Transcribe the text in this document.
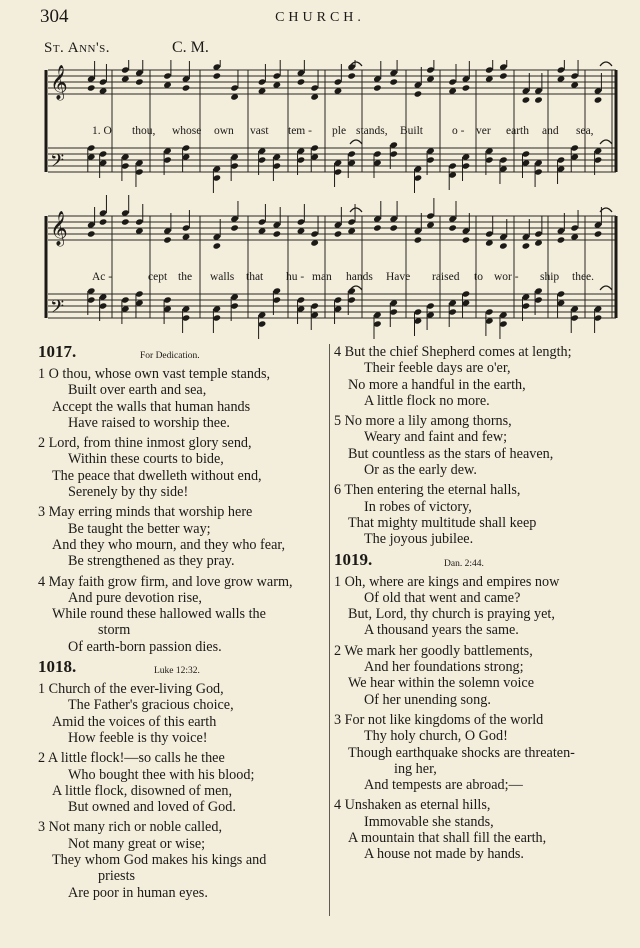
304	CHURCH.
St. Ann's.	C. M.
𝄞
𝄢
𝄞
𝄢
1. O thou, whose own vast tem - ple stands, Built	o - ver earth and sea,
Ac -	cept the walls that hu - man hands Have raised to wor - ship thee.
1017.	For Dedication.
1 O thou, whose own vast temple stands,
Built over earth and sea,
Accept the walls that human hands
Have raised to worship thee.
2 Lord, from thine inmost glory send,
Within these courts to bide,
The peace that dwelleth without end,
Serenely by thy side!
3 May erring minds that worship here
Be taught the better way;
And they who mourn, and they who fear,
Be strengthened as they pray.
4 May faith grow firm, and love grow warm,
And pure devotion rise,
While round these hallowed walls the
storm
Of earth-born passion dies.
1018.	Luke 12:32.
1 Church of the ever-living God,
The Father's gracious choice,
Amid the voices of this earth
How feeble is thy voice!
2 A little flock!—so calls he thee
Who bought thee with his blood;
A little flock, disowned of men,
But owned and loved of God.
3 Not many rich or noble called,
Not many great or wise;
They whom God makes his kings and
priests
Are poor in human eyes.
4 But the chief Shepherd comes at length;
Their feeble days are o'er,
No more a handful in the earth,
A little flock no more.
5 No more a lily among thorns,
Weary and faint and few;
But countless as the stars of heaven,
Or as the early dew.
6 Then entering the eternal halls,
In robes of victory,
That mighty multitude shall keep
The joyous jubilee.
1019.	Dan. 2:44.
1 Oh, where are kings and empires now
Of old that went and came?
But, Lord, thy church is praying yet,
A thousand years the same.
2 We mark her goodly battlements,
And her foundations strong;
We hear within the solemn voice
Of her unending song.
3 For not like kingdoms of the world
Thy holy church, O God!
Though earthquake shocks are threaten-
ing her,
And tempests are abroad;—
4 Unshaken as eternal hills,
Immovable she stands,
A mountain that shall fill the earth,
A house not made by hands.
